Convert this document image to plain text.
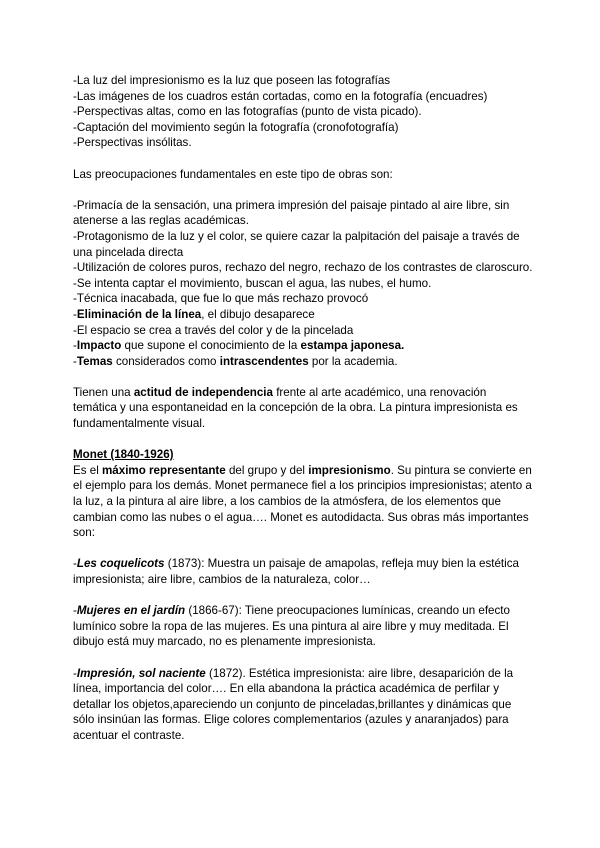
-La luz del impresionismo es la luz que poseen las fotografías

-Las imágenes de los cuadros están cortadas, como en la fotografía (encuadres)

-Perspectivas altas, como en las fotografías (punto de vista picado).

-Captación del movimiento según la fotografía (cronofotografía)

-Perspectivas insólitas.

Las preocupaciones fundamentales en este tipo de obras son:

-Primacía de la sensación, una primera impresión del paisaje pintado al aire libre, sin atenerse a las reglas académicas.

-Protagonismo de la luz y el color, se quiere cazar la palpitación del paisaje a través de una pincelada directa

-Utilización de colores puros, rechazo del negro, rechazo de los contrastes de claroscuro.

-Se intenta captar el movimiento, buscan el agua, las nubes, el humo.

-Técnica inacabada, que fue lo que más rechazo provocó

-Eliminación de la línea, el dibujo desaparece

-El espacio se crea a través del color y de la pincelada

-Impacto que supone el conocimiento de la estampa japonesa.

-Temas considerados como intrascendentes por la academia.

Tienen una actitud de independencia frente al arte académico, una renovación temática y una espontaneidad en la concepción de la obra. La pintura impresionista es fundamentalmente visual.

Monet (1840-1926)

Es el máximo representante del grupo y del impresionismo. Su pintura se convierte en el ejemplo para los demás. Monet permanece fiel a los principios impresionistas; atento a la luz, a la pintura al aire libre, a los cambios de la atmósfera, de los elementos que cambian como las nubes o el agua…. Monet es autodidacta. Sus obras más importantes son:

-Les coquelicots (1873): Muestra un paisaje de amapolas, refleja muy bien la estética impresionista; aire libre, cambios de la naturaleza, color…

-Mujeres en el jardín (1866-67): Tiene preocupaciones lumínicas, creando un efecto lumínico sobre la ropa de las mujeres. Es una pintura al aire libre y muy meditada. El dibujo está muy marcado, no es plenamente impresionista.

-Impresión, sol naciente (1872). Estética impresionista: aire libre, desaparición de la línea, importancia del color…. En ella abandona la práctica académica de perfilar y detallar los objetos,apareciendo un conjunto de pinceladas,brillantes y dinámicas que sólo insinúan las formas. Elige colores complementarios (azules y anaranjados) para acentuar el contraste.
